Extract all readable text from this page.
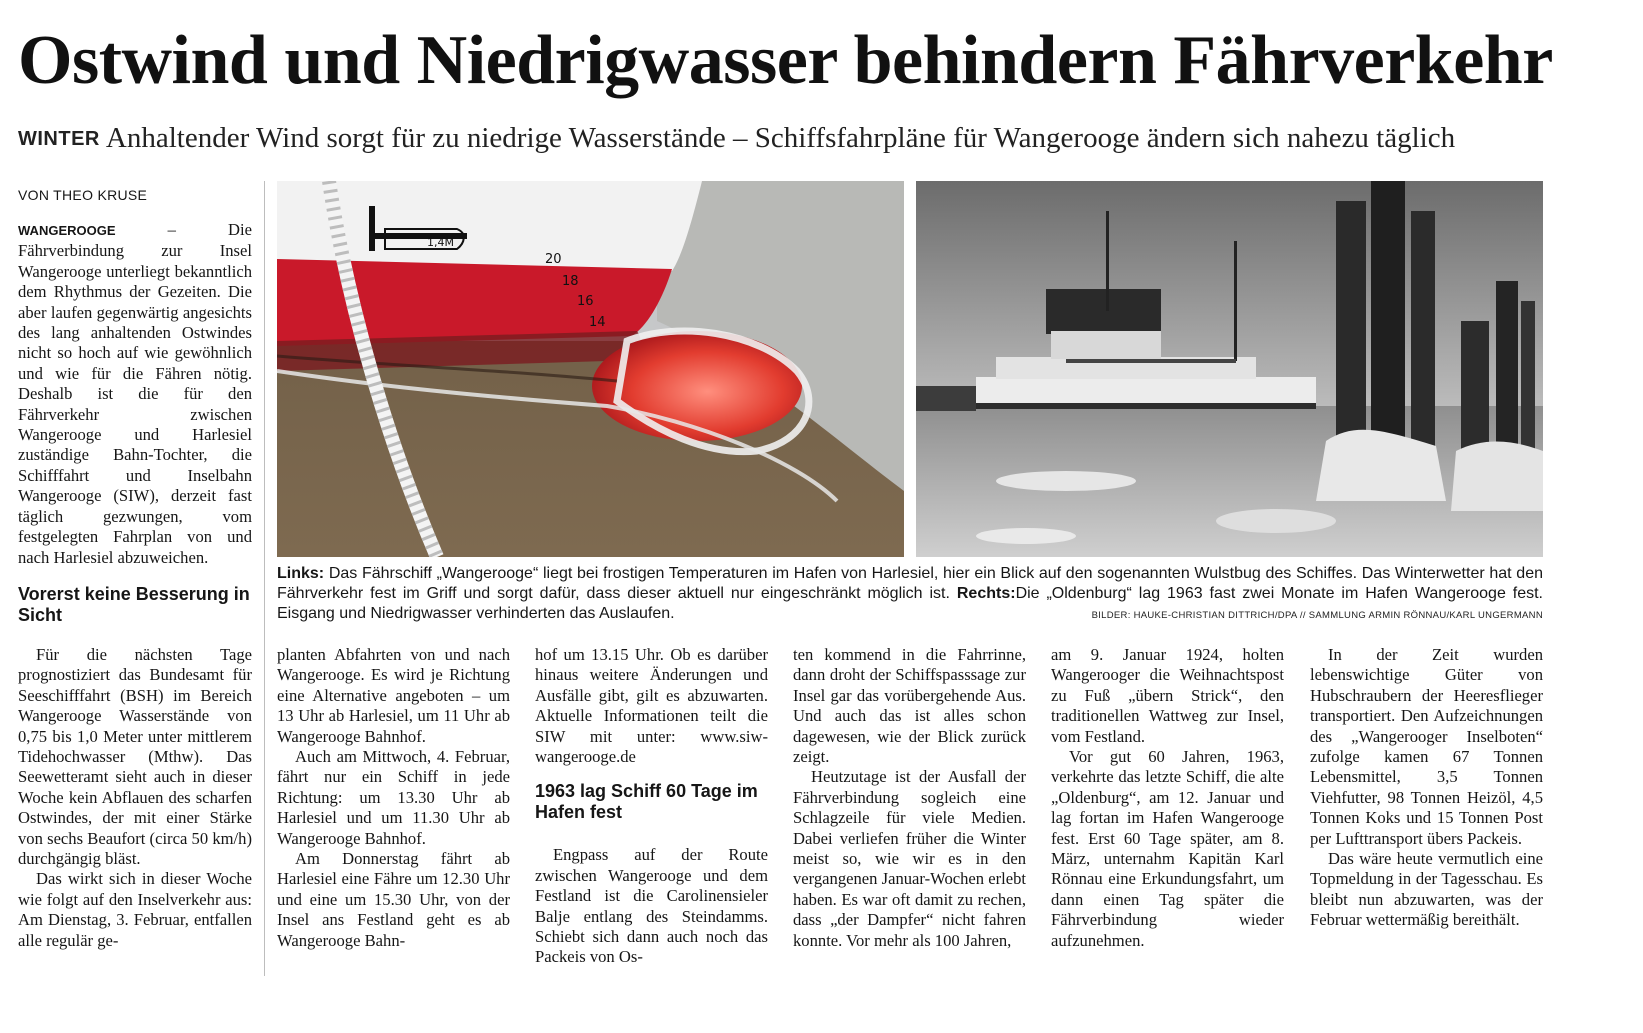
Ostwind und Niedrigwasser behindern Fährverkehr
WINTER Anhaltender Wind sorgt für zu niedrige Wasserstände – Schiffsfahrpläne für Wangerooge ändern sich nahezu täglich
VON THEO KRUSE

WANGEROOGE	– Die Fährverbindung zur Insel Wangerooge unterliegt bekanntlich dem Rhythmus der Gezeiten. Die aber laufen gegenwärtig angesichts des lang anhaltenden Ostwindes nicht so hoch auf wie gewöhnlich und wie für die Fähren nötig. Deshalb ist die für den Fährverkehr zwischen Wangerooge und Harlesiel zuständige Bahn-Tochter, die Schifffahrt und Inselbahn Wangerooge (SIW), derzeit fast täglich gezwungen, vom festgelegten Fahrplan von und nach Harlesiel abzuweichen.

Vorerst keine Besserung in Sicht
1,4M
20
18
16
14
Links: Das Fährschiff „Wangerooge“ liegt bei frostigen Temperaturen im Hafen von Harlesiel, hier ein Blick auf den sogenannten Wulstbug des Schiffes. Das Winterwetter hat den Fährverkehr fest im Griff und sorgt dafür, dass dieser aktuell nur eingeschränkt möglich ist. Rechts:Die „Oldenburg“ lag 1963 fast zwei Monate im Hafen Wangerooge fest. Eisgang und Niedrigwasser verhinderten das Auslaufen.	BILDER: HAUKE-CHRISTIAN DITTRICH/DPA // SAMMLUNG ARMIN RÖNNAU/KARL UNGERMANN

Für die nächsten Tage prognostiziert das Bundesamt für Seeschifffahrt (BSH) im Bereich Wangerooge Wasserstände von 0,75 bis 1,0 Meter unter mittlerem Tidehochwasser (Mthw). Das Seewetteramt sieht auch in dieser Woche kein Abflauen des scharfen Ostwindes, der mit einer Stärke von sechs Beaufort (circa 50 km/h) durchgängig bläst.

Das wirkt sich in dieser Woche wie folgt auf den Inselverkehr aus: Am Dienstag, 3. Februar, entfallen alle regulär ge-

planten Abfahrten von und nach Wangerooge. Es wird je Richtung eine Alternative angeboten – um 13 Uhr ab Harlesiel, um 11 Uhr ab Wangerooge Bahnhof.

Auch am Mittwoch, 4. Februar, fährt nur ein Schiff in jede Richtung: um 13.30 Uhr ab Harlesiel und um 11.30 Uhr ab Wangerooge Bahnhof.

Am Donnerstag fährt ab Harlesiel eine Fähre um 12.30 Uhr und eine um 15.30 Uhr, von der Insel ans Festland geht es ab Wangerooge Bahn-

hof um 13.15 Uhr. Ob es darüber hinaus weitere Änderungen und Ausfälle gibt, gilt es abzuwarten. Aktuelle Informationen teilt die SIW mit unter: www.siw-wangerooge.de

1963 lag Schiff 60 Tage im Hafen fest

Engpass auf der Route zwischen Wangerooge und dem Festland ist die Carolinensieler Balje entlang des Steindamms. Schiebt sich dann auch noch das Packeis von Os-

ten kommend in die Fahrrinne, dann droht der Schiffspasssage zur Insel gar das vorübergehende Aus. Und auch das ist alles schon dagewesen, wie der Blick zurück zeigt.

Heutzutage ist der Ausfall der Fährverbindung sogleich eine Schlagzeile für viele Medien. Dabei verliefen früher die Winter meist so, wie wir es in den vergangenen Januar-Wochen erlebt haben. Es war oft damit zu rechen, dass „der Dampfer“ nicht fahren konnte. Vor mehr als 100 Jahren,

am 9. Januar 1924, holten Wangerooger die Weihnachtspost zu Fuß „übern Strick“, den traditionellen Wattweg zur Insel, vom Festland.

Vor gut 60 Jahren, 1963, verkehrte das letzte Schiff, die alte „Oldenburg“, am 12. Januar und lag fortan im Hafen Wangerooge fest. Erst 60 Tage später, am 8. März, unternahm Kapitän Karl Rönnau eine Erkundungsfahrt, um dann einen Tag später die Fährverbindung wieder aufzunehmen.

In der Zeit wurden lebenswichtige Güter von Hubschraubern der Heeresflieger transportiert. Den Aufzeichnungen des „Wangerooger Inselboten“ zufolge kamen 67 Tonnen Lebensmittel, 3,5 Tonnen Viehfutter, 98 Tonnen Heizöl, 4,5 Tonnen Koks und 15 Tonnen Post per Lufttransport übers Packeis.

Das wäre heute vermutlich eine Topmeldung in der Tagesschau. Es bleibt nun abzuwarten, was der Februar wettermäßig bereithält.
